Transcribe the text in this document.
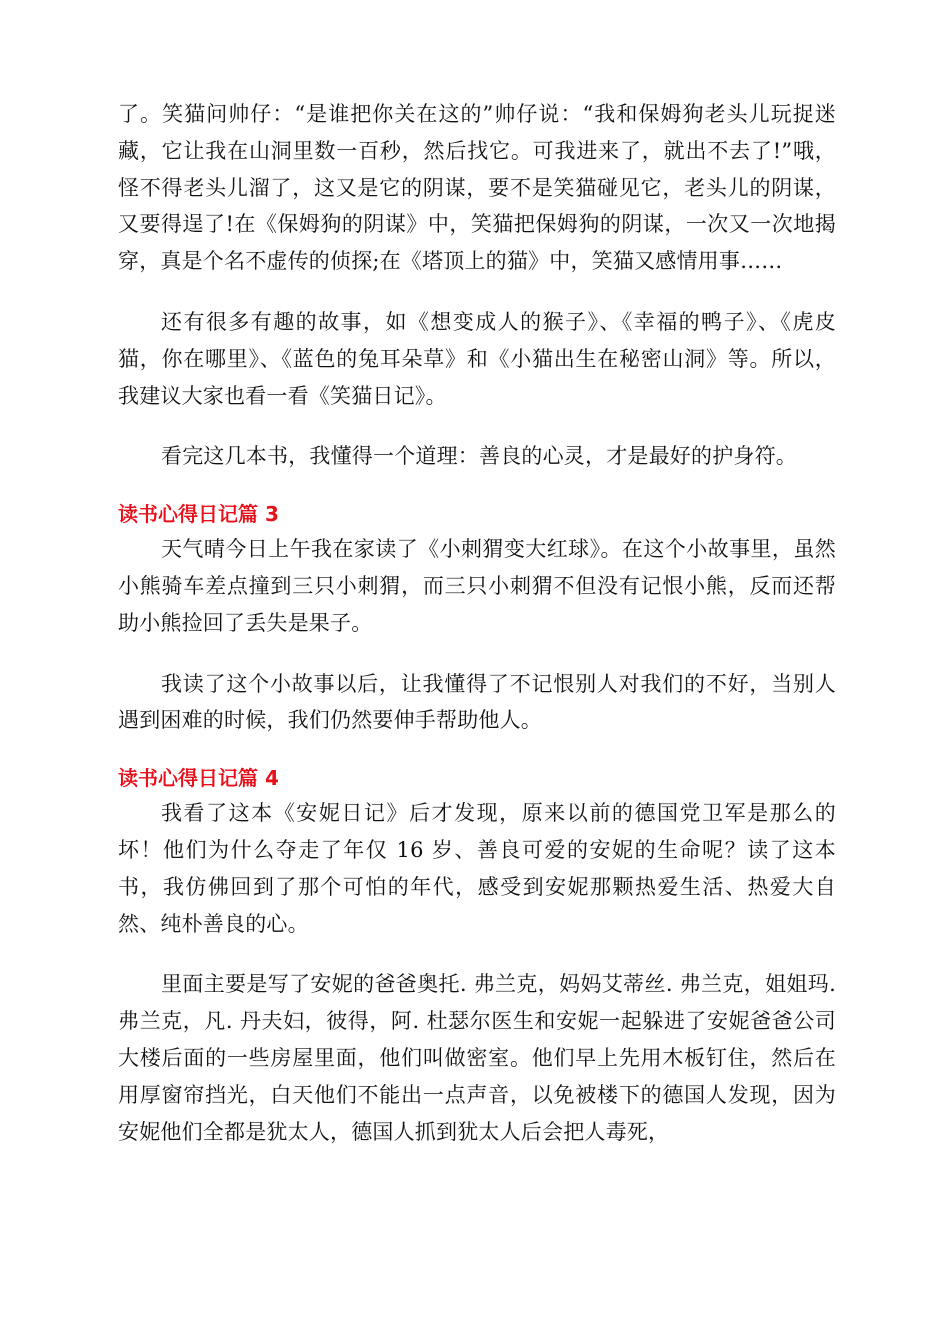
了。笑猫问帅仔：“是谁把你关在这的”帅仔说：“我和保姆狗老头儿玩捉迷藏，它让我在山洞里数一百秒，然后找它。可我进来了，就出不去了!”哦，怪不得老头儿溜了，这又是它的阴谋，要不是笑猫碰见它，老头儿的阴谋，又要得逞了!在《保姆狗的阴谋》中，笑猫把保姆狗的阴谋，一次又一次地揭穿，真是个名不虚传的侦探;在《塔顶上的猫》中，笑猫又感情用事……

还有很多有趣的故事，如《想变成人的猴子》、《幸福的鸭子》、《虎皮猫，你在哪里》、《蓝色的兔耳朵草》和《小猫出生在秘密山洞》等。所以，我建议大家也看一看《笑猫日记》。

看完这几本书，我懂得一个道理：善良的心灵，才是最好的护身符。

读书心得日记篇 3

天气晴今日上午我在家读了《小刺猬变大红球》。在这个小故事里，虽然小熊骑车差点撞到三只小刺猬，而三只小刺猬不但没有记恨小熊，反而还帮助小熊捡回了丢失是果子。

我读了这个小故事以后，让我懂得了不记恨别人对我们的不好，当别人遇到困难的时候，我们仍然要伸手帮助他人。

读书心得日记篇 4

我看了这本《安妮日记》后才发现，原来以前的德国党卫军是那么的坏！他们为什么夺走了年仅 16 岁、善良可爱的安妮的生命呢？读了这本书，我仿佛回到了那个可怕的年代，感受到安妮那颗热爱生活、热爱大自然、纯朴善良的心。

里面主要是写了安妮的爸爸奥托. 弗兰克，妈妈艾蒂丝. 弗兰克，姐姐玛. 弗兰克，凡. 丹夫妇，彼得，阿. 杜瑟尔医生和安妮一起躲进了安妮爸爸公司大楼后面的一些房屋里面，他们叫做密室。他们早上先用木板钉住，然后在用厚窗帘挡光，白天他们不能出一点声音，以免被楼下的德国人发现，因为安妮他们全都是犹太人，德国人抓到犹太人后会把人毒死，
